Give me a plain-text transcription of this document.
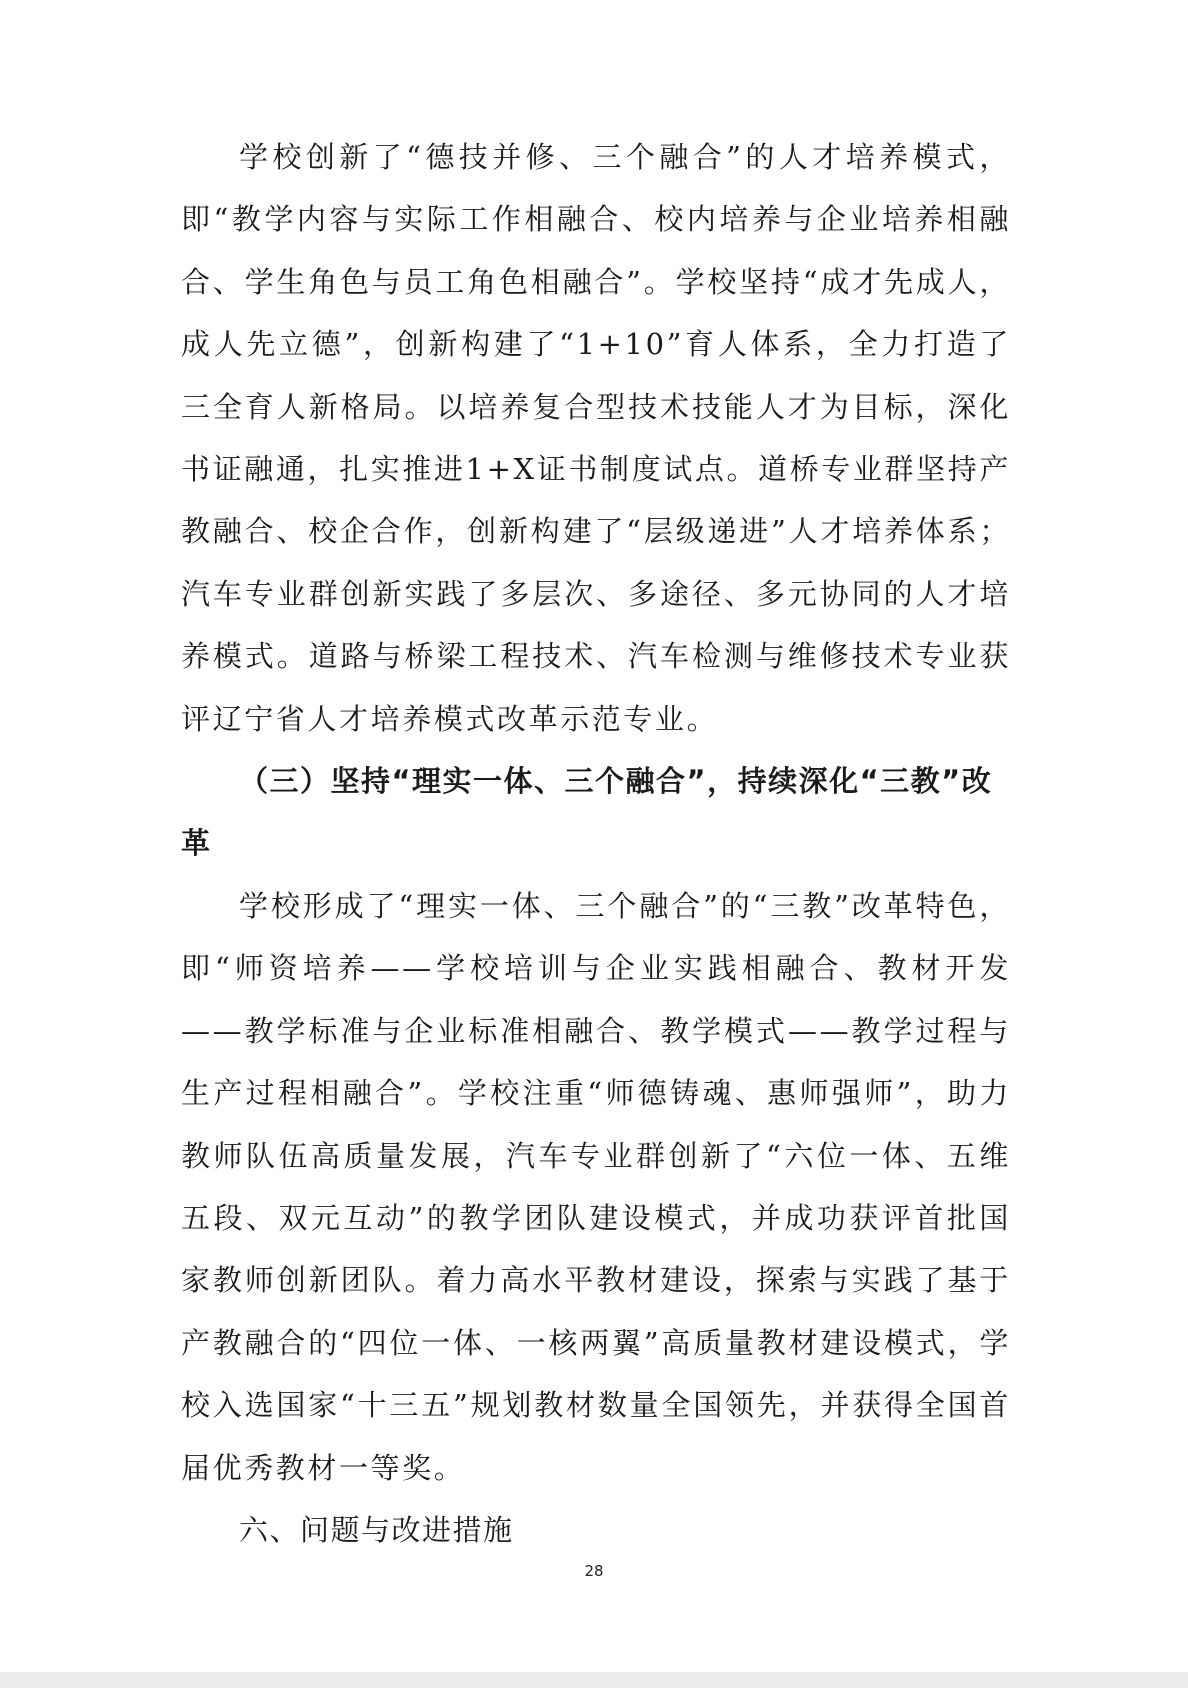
学校创新了“德技并修、三个融合”的人才培养模式，即“教学内容与实际工作相融合、校内培养与企业培养相融合、学生角色与员工角色相融合”。学校坚持“成才先成人，成人先立德”，创新构建了“1+10”育人体系，全力打造了三全育人新格局。以培养复合型技术技能人才为目标，深化书证融通，扎实推进1+X证书制度试点。道桥专业群坚持产教融合、校企合作，创新构建了“层级递进”人才培养体系；汽车专业群创新实践了多层次、多途径、多元协同的人才培养模式。道路与桥梁工程技术、汽车检测与维修技术专业获评辽宁省人才培养模式改革示范专业。

（三）坚持“理实一体、三个融合”，持续深化“三教”改革

学校形成了“理实一体、三个融合”的“三教”改革特色，即“师资培养——学校培训与企业实践相融合、教材开发——教学标准与企业标准相融合、教学模式——教学过程与生产过程相融合”。学校注重“师德铸魂、惠师强师”，助力教师队伍高质量发展，汽车专业群创新了“六位一体、五维五段、双元互动”的教学团队建设模式，并成功获评首批国家教师创新团队。着力高水平教材建设，探索与实践了基于产教融合的“四位一体、一核两翼”高质量教材建设模式，学校入选国家“十三五”规划教材数量全国领先，并获得全国首届优秀教材一等奖。

六、问题与改进措施

28
